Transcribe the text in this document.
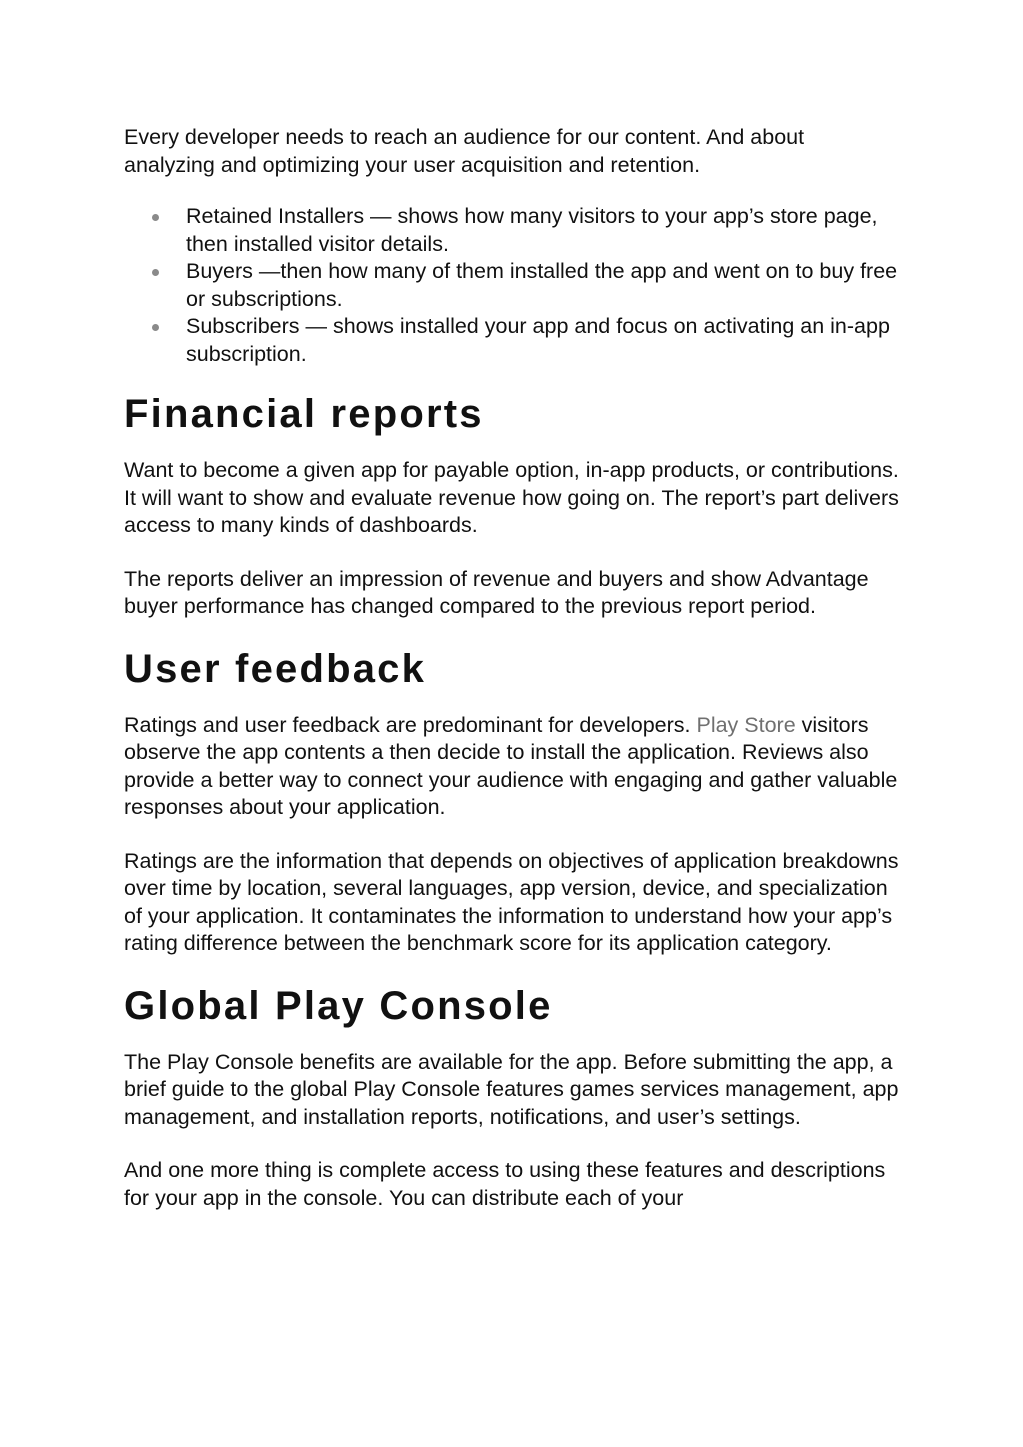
Every developer needs to reach an audience for our content. And about analyzing and optimizing your user acquisition and retention.

Retained Installers — shows how many visitors to your app’s store page, then installed visitor details.
Buyers —then how many of them installed the app and went on to buy free or subscriptions.
Subscribers — shows installed your app and focus on activating an in-app subscription.
Financial reports

Want to become a given app for payable option, in-app products, or contributions. It will want to show and evaluate revenue how going on. The report’s part delivers access to many kinds of dashboards.

The reports deliver an impression of revenue and buyers and show Advantage buyer performance has changed compared to the previous report period.

User feedback

Ratings and user feedback are predominant for developers. Play Store visitors observe the app contents a then decide to install the application. Reviews also provide a better way to connect your audience with engaging and gather valuable responses about your application.

Ratings are the information that depends on objectives of application breakdowns over time by location, several languages, app version, device, and specialization of your application. It contaminates the information to understand how your app’s rating difference between the benchmark score for its application category.

Global Play Console

The Play Console benefits are available for the app. Before submitting the app, a brief guide to the global Play Console features games services management, app management, and installation reports, notifications, and user’s settings.

And one more thing is complete access to using these features and descriptions for your app in the console. You can distribute each of your
